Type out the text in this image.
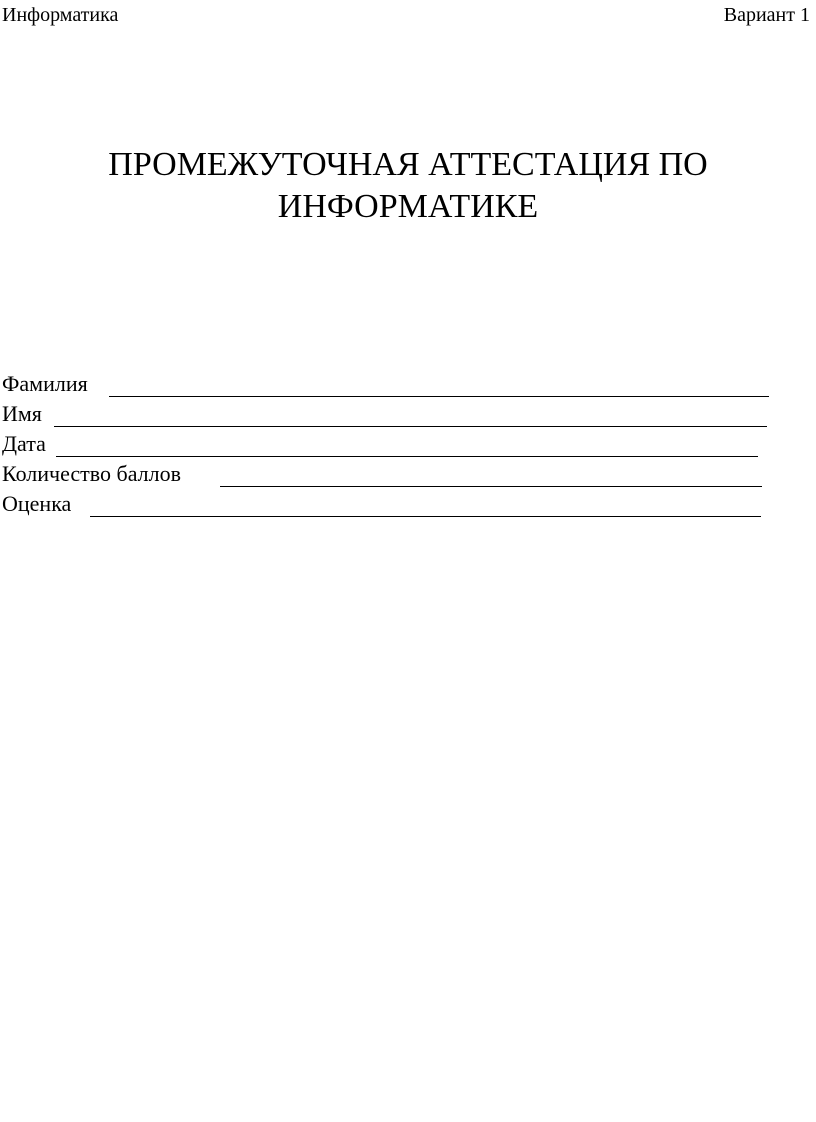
Информатика	Вариант 1
ПРОМЕЖУТОЧНАЯ АТТЕСТАЦИЯ ПО
ИНФОРМАТИКЕ
Фамилия
Имя
Дата
Количество баллов
Оценка
